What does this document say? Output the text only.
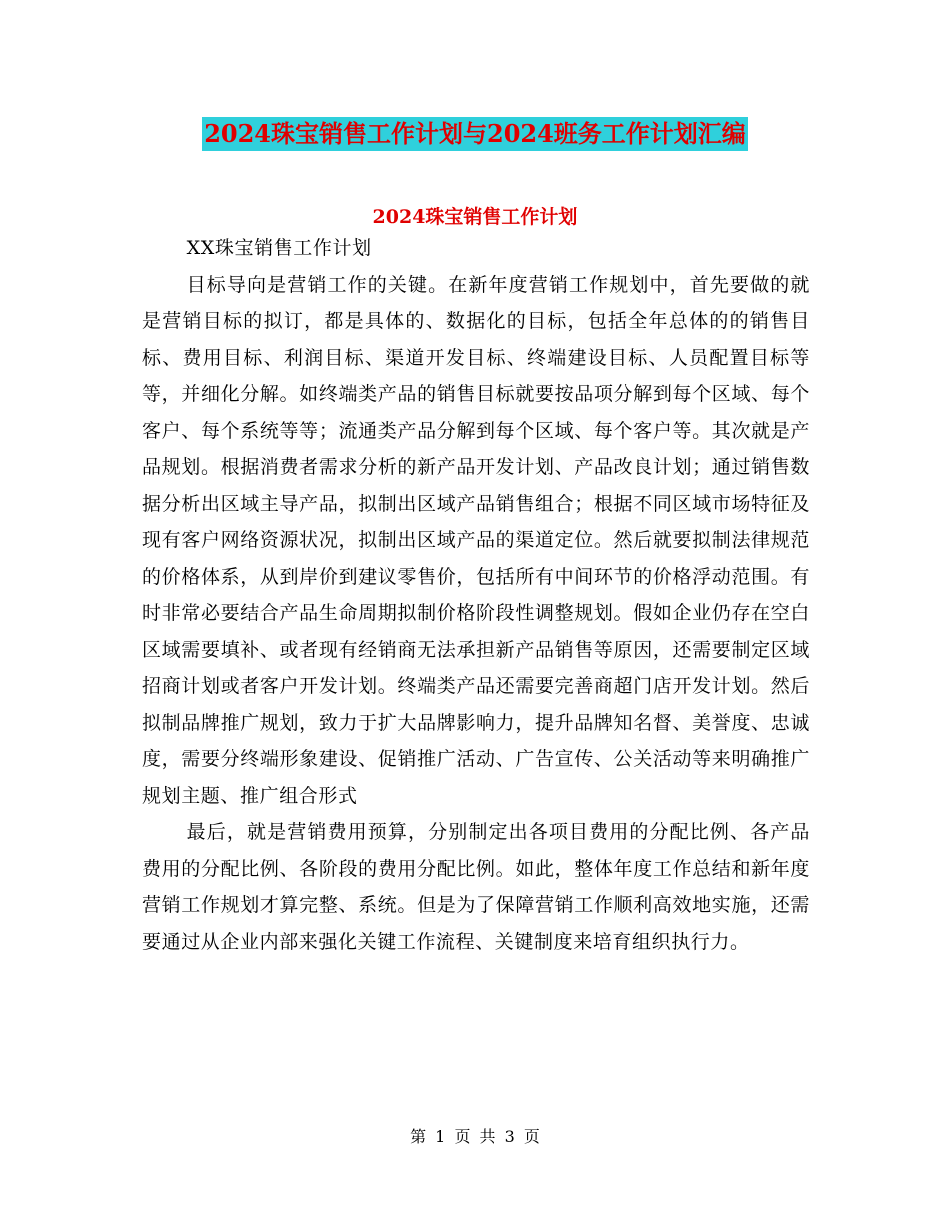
2024珠宝销售工作计划与2024班务工作计划汇编
2024珠宝销售工作计划

XX珠宝销售工作计划

目标导向是营销工作的关键。在新年度营销工作规划中，首先要做的就是营销目标的拟订，都是具体的、数据化的目标，包括全年总体的的销售目标、费用目标、利润目标、渠道开发目标、终端建设目标、人员配置目标等等，并细化分解。如终端类产品的销售目标就要按品项分解到每个区域、每个客户、每个系统等等；流通类产品分解到每个区域、每个客户等。其次就是产品规划。根据消费者需求分析的新产品开发计划、产品改良计划；通过销售数据分析出区域主导产品，拟制出区域产品销售组合；根据不同区域市场特征及现有客户网络资源状况，拟制出区域产品的渠道定位。然后就要拟制法律规范的价格体系，从到岸价到建议零售价，包括所有中间环节的价格浮动范围。有时非常必要结合产品生命周期拟制价格阶段性调整规划。假如企业仍存在空白区域需要填补、或者现有经销商无法承担新产品销售等原因，还需要制定区域招商计划或者客户开发计划。终端类产品还需要完善商超门店开发计划。然后拟制品牌推广规划，致力于扩大品牌影响力，提升品牌知名督、美誉度、忠诚度，需要分终端形象建设、促销推广活动、广告宣传、公关活动等来明确推广规划主题、推广组合形式

最后，就是营销费用预算，分别制定出各项目费用的分配比例、各产品费用的分配比例、各阶段的费用分配比例。如此，整体年度工作总结和新年度营销工作规划才算完整、系统。但是为了保障营销工作顺利高效地实施，还需要通过从企业内部来强化关键工作流程、关键制度来培育组织执行力。

第 1 页 共 3 页
